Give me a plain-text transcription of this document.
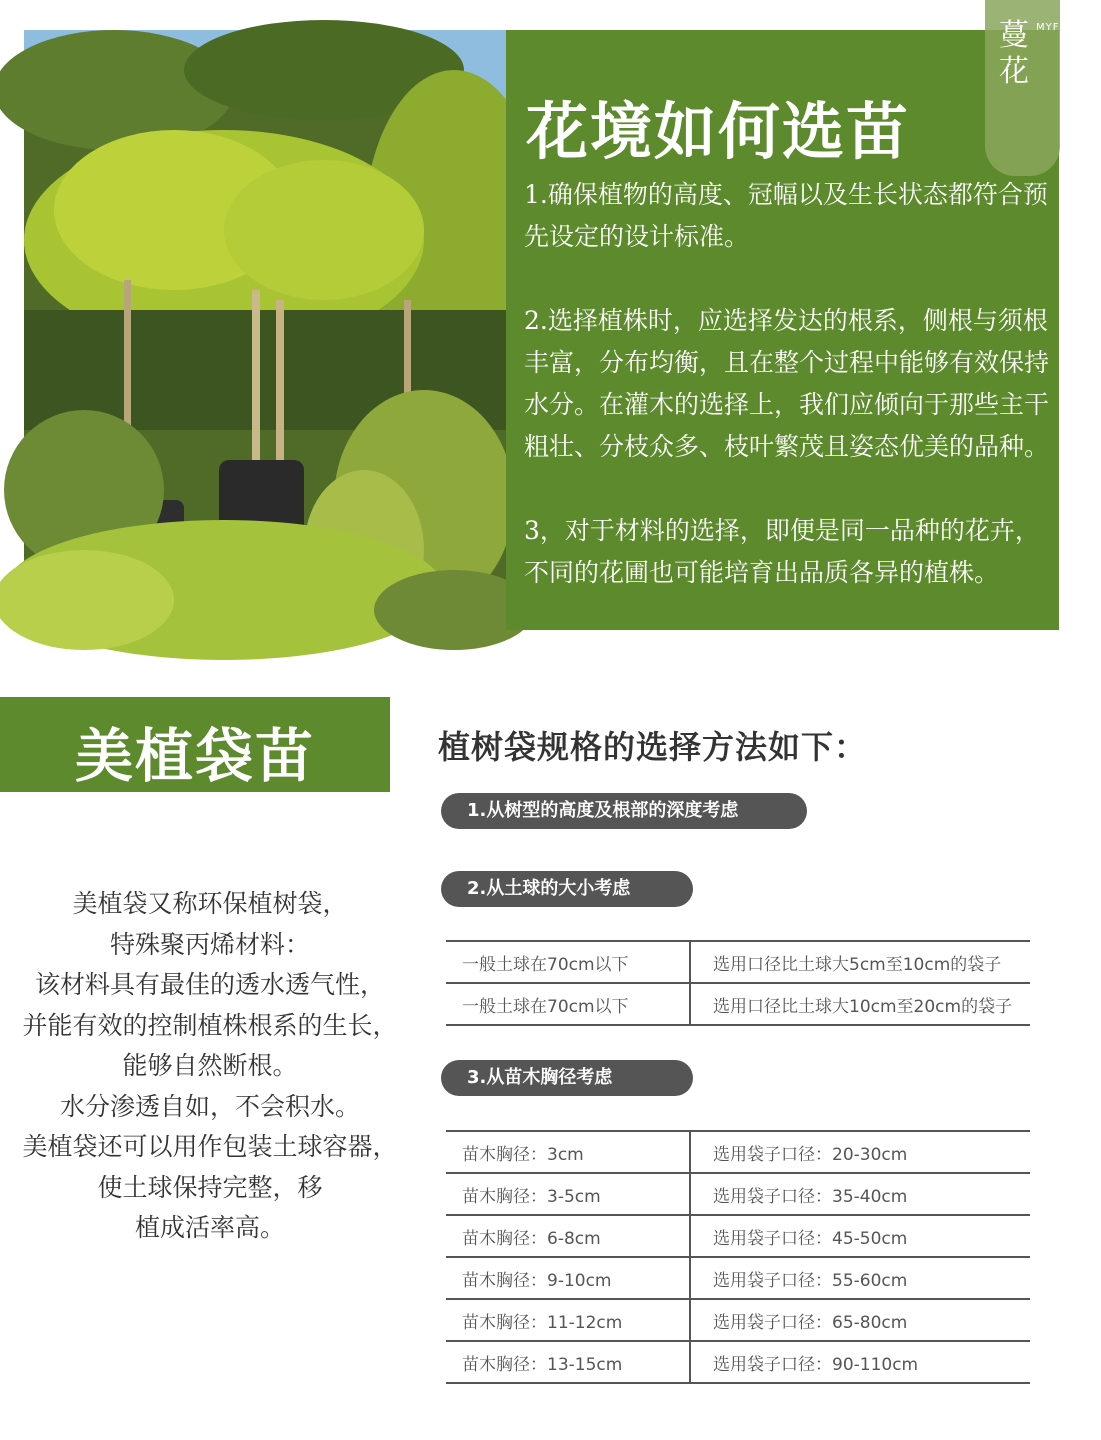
花境如何选苗

1.确保植物的高度、冠幅以及生长状态都符合预先设定的设计标准。

2.选择植株时，应选择发达的根系，侧根与须根丰富，分布均衡，且在整个过程中能够有效保持水分。在灌木的选择上，我们应倾向于那些主干粗壮、分枝众多、枝叶繁茂且姿态优美的品种。

3，对于材料的选择，即便是同一品种的花卉，不同的花圃也可能培育出品质各异的植株。

蔓花
MYFLOWER
美植袋苗
美植袋又称环保植树袋，
特殊聚丙烯材料：
该材料具有最佳的透水透气性，
并能有效的控制植株根系的生长，
能够自然断根。
水分渗透自如，不会积水。
美植袋还可以用作包装土球容器，
使土球保持完整，移
植成活率高。
植树袋规格的选择方法如下：
1.从树型的高度及根部的深度考虑
2.从土球的大小考虑
一般土球在70cm以下	选用口径比土球大5cm至10cm的袋子
一般土球在70cm以下	选用口径比土球大10cm至20cm的袋子
3.从苗木胸径考虑
苗木胸径：3cm	选用袋子口径：20-30cm
苗木胸径：3-5cm	选用袋子口径：35-40cm
苗木胸径：6-8cm	选用袋子口径：45-50cm
苗木胸径：9-10cm	选用袋子口径：55-60cm
苗木胸径：11-12cm	选用袋子口径：65-80cm
苗木胸径：13-15cm	选用袋子口径：90-110cm
